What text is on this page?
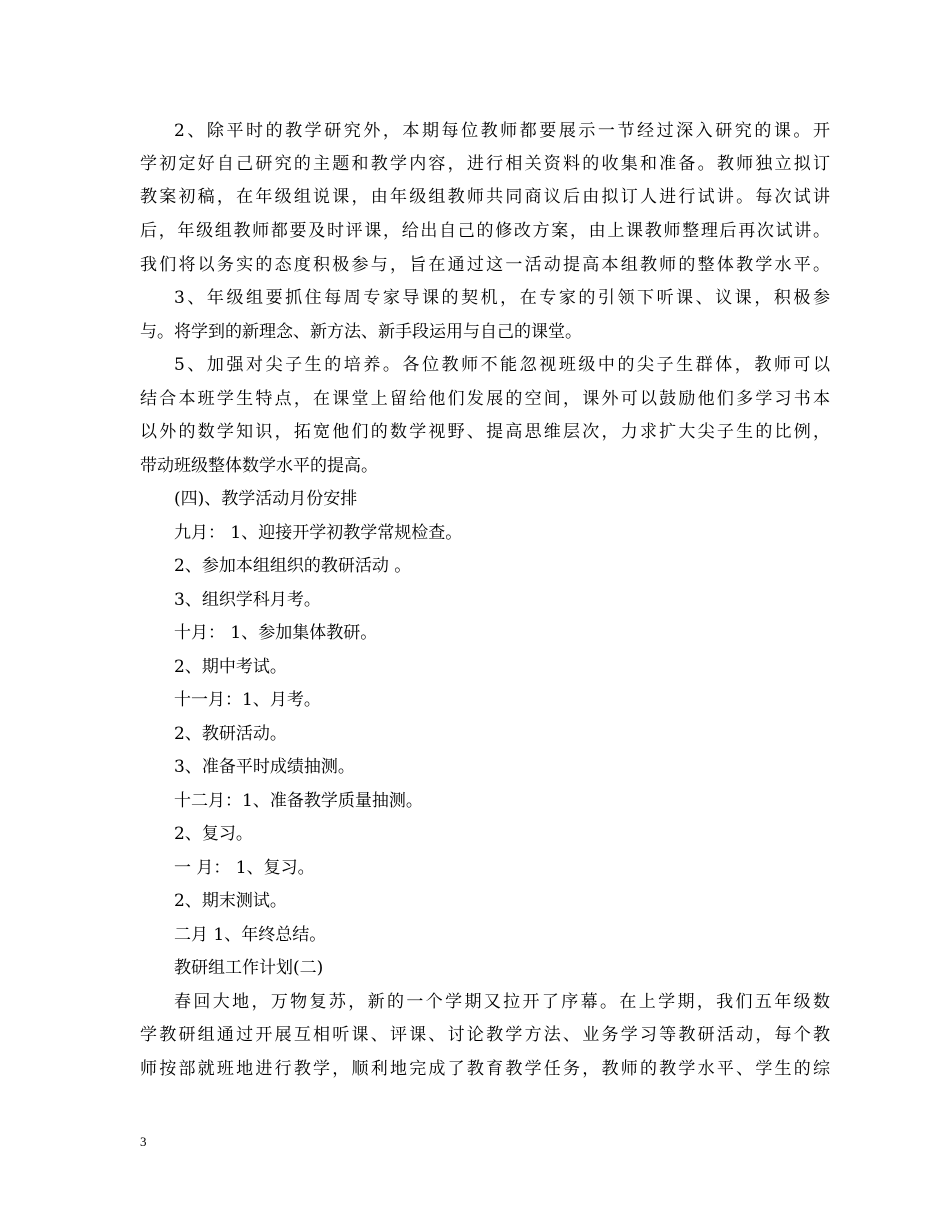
2、除平时的教学研究外，本期每位教师都要展示一节经过深入研究的课。开
学初定好自己研究的主题和教学内容，进行相关资料的收集和准备。教师独立拟订
教案初稿，在年级组说课，由年级组教师共同商议后由拟订人进行试讲。每次试讲
后，年级组教师都要及时评课，给出自己的修改方案，由上课教师整理后再次试讲。
我们将以务实的态度积极参与，旨在通过这一活动提高本组教师的整体教学水平。
3、年级组要抓住每周专家导课的契机，在专家的引领下听课、议课，积极参
与。将学到的新理念、新方法、新手段运用与自己的课堂。
5、加强对尖子生的培养。各位教师不能忽视班级中的尖子生群体，教师可以
结合本班学生特点，在课堂上留给他们发展的空间，课外可以鼓励他们多学习书本
以外的数学知识，拓宽他们的数学视野、提高思维层次，力求扩大尖子生的比例，
带动班级整体数学水平的提高。
(四)、教学活动月份安排
九月： 1、迎接开学初教学常规检查。
2、参加本组组织的教研活动 。
3、组织学科月考。
十月： 1、参加集体教研。
2、期中考试。
十一月：1、月考。
2、教研活动。
3、准备平时成绩抽测。
十二月：1、准备教学质量抽测。
2、复习。
一 月： 1、复习。
2、期末测试。
二月 1、年终总结。
教研组工作计划(二)
春回大地，万物复苏，新的一个学期又拉开了序幕。在上学期，我们五年级数
学教研组通过开展互相听课、评课、讨论教学方法、业务学习等教研活动，每个教
师按部就班地进行教学，顺利地完成了教育教学任务，教师的教学水平、学生的综
3
